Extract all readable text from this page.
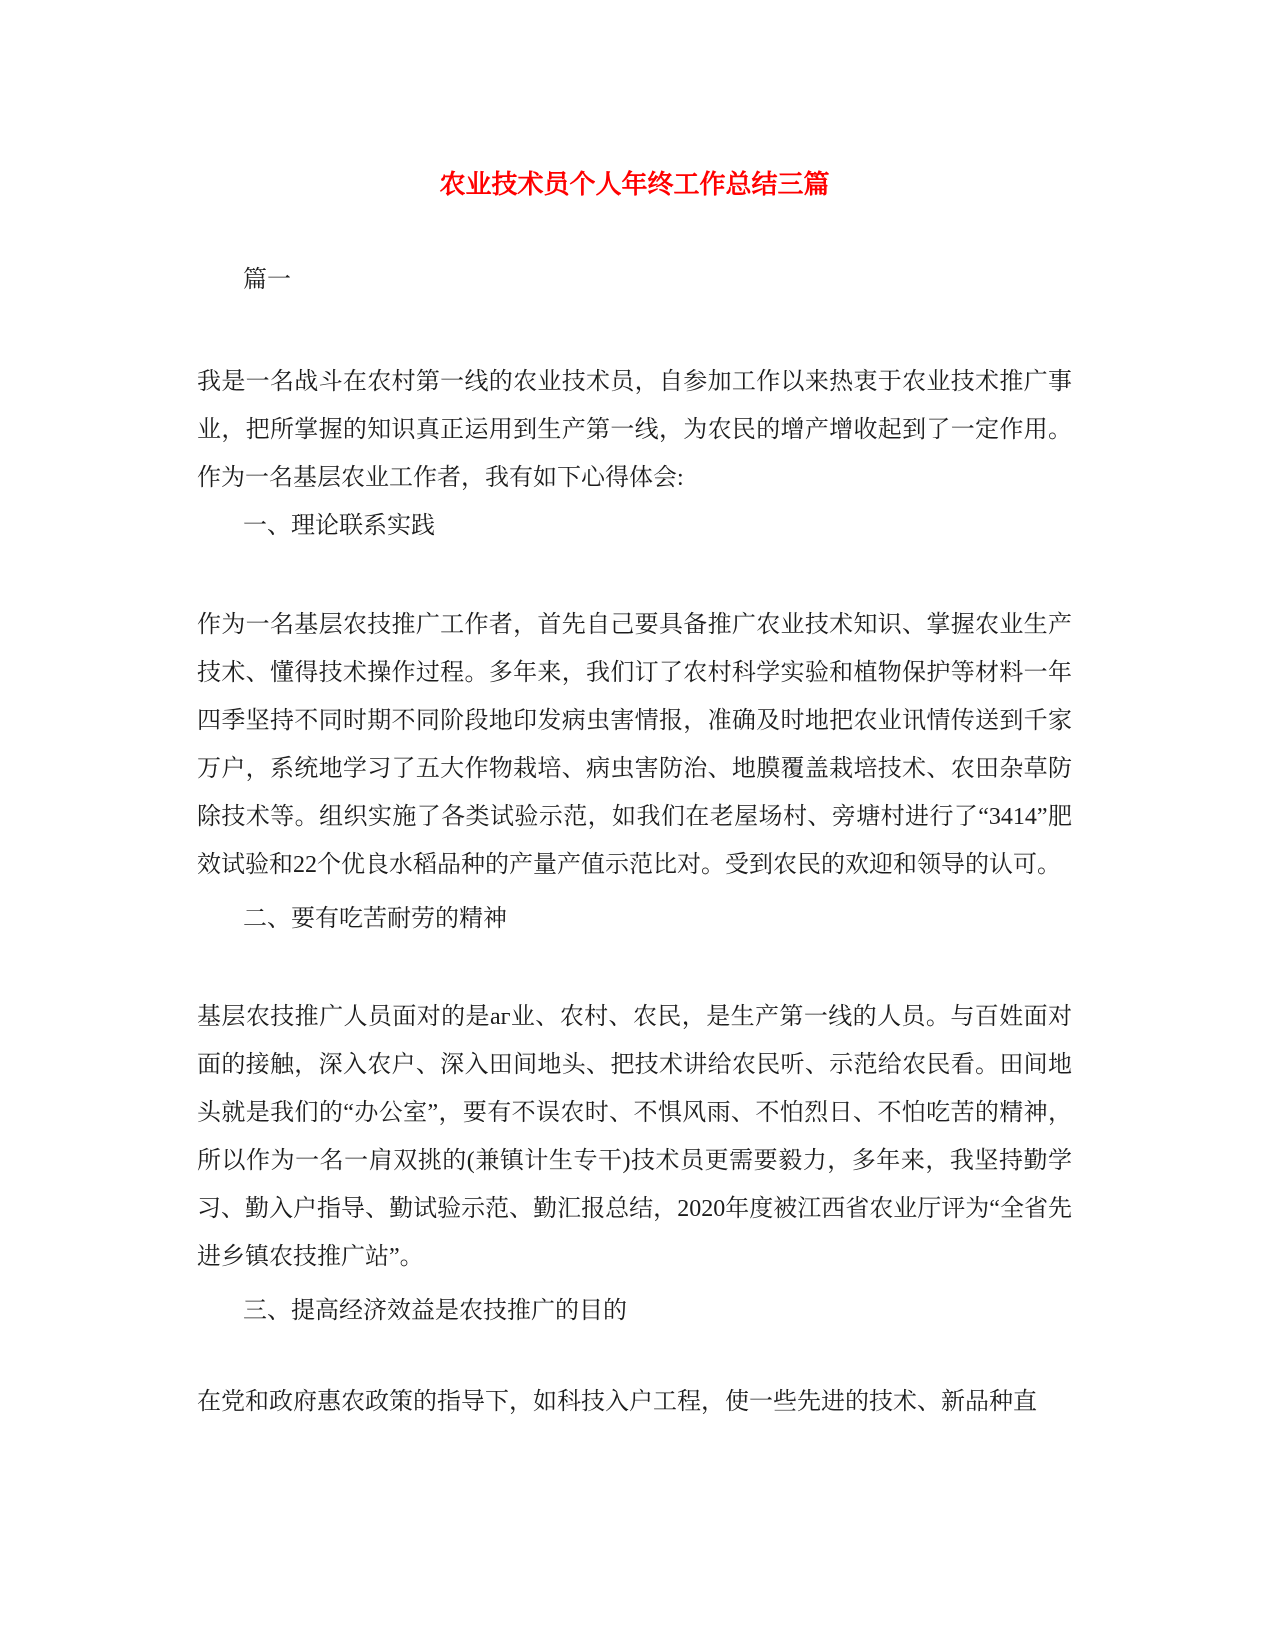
农业技术员个人年终工作总结三篇

篇一

我是一名战斗在农村第一线的农业技术员，自参加工作以来热衷于农业技术推广事业，把所掌握的知识真正运用到生产第一线，为农民的增产增收起到了一定作用。作为一名基层农业工作者，我有如下心得体会:

一、理论联系实践

作为一名基层农技推广工作者，首先自己要具备推广农业技术知识、掌握农业生产技术、懂得技术操作过程。多年来，我们订了农村科学实验和植物保护等材料一年四季坚持不同时期不同阶段地印发病虫害情报，准确及时地把农业讯情传送到千家万户，系统地学习了五大作物栽培、病虫害防治、地膜覆盖栽培技术、农田杂草防除技术等。组织实施了各类试验示范，如我们在老屋场村、旁塘村进行了“3414”肥效试验和22个优良水稻品种的产量产值示范比对。受到农民的欢迎和领导的认可。

二、要有吃苦耐劳的精神

基层农技推广人员面对的是аг业、农村、农民，是生产第一线的人员。与百姓面对面的接触，深入农户、深入田间地头、把技术讲给农民听、示范给农民看。田间地头就是我们的“办公室”，要有不误农时、不惧风雨、不怕烈日、不怕吃苦的精神，所以作为一名一肩双挑的(兼镇计生专干)技术员更需要毅力，多年来，我坚持勤学习、勤入户指导、勤试验示范、勤汇报总结，2020年度被江西省农业厅评为“全省先进乡镇农技推广站”。

三、提高经济效益是农技推广的目的

在党和政府惠农政策的指导下，如科技入户工程，使一些先进的技术、新品种直
